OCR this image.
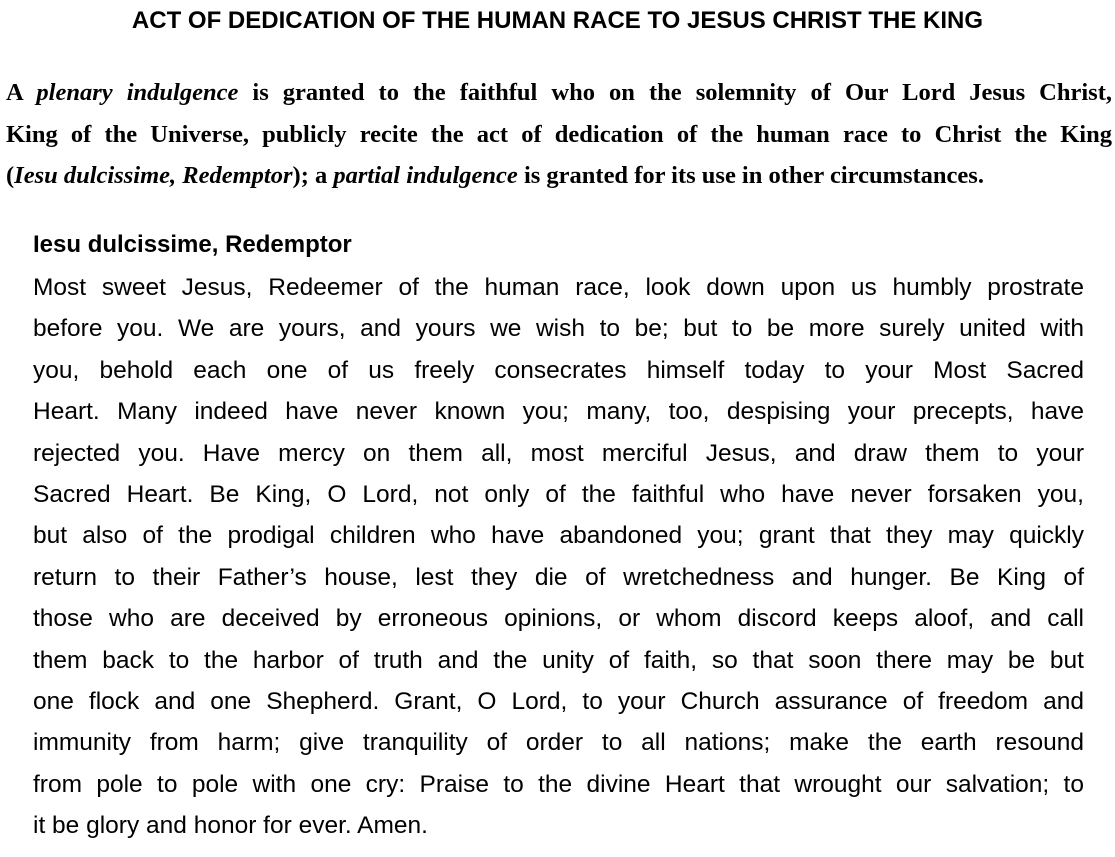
ACT OF DEDICATION OF THE HUMAN RACE TO JESUS CHRIST THE KING
A plenary indulgence is granted to the faithful who on the solemnity of Our Lord Jesus Christ,
King of the Universe, publicly recite the act of dedication of the human race to Christ the King
(Iesu dulcissime, Redemptor); a partial indulgence is granted for its use in other circumstances.
Iesu dulcissime, Redemptor
Most sweet Jesus, Redeemer of the human race, look down upon us humbly prostrate
before you. We are yours, and yours we wish to be; but to be more surely united with
you, behold each one of us freely consecrates himself today to your Most Sacred
Heart. Many indeed have never known you; many, too, despising your precepts, have
rejected you. Have mercy on them all, most merciful Jesus, and draw them to your
Sacred Heart. Be King, O Lord, not only of the faithful who have never forsaken you,
but also of the prodigal children who have abandoned you; grant that they may quickly
return to their Father’s house, lest they die of wretchedness and hunger. Be King of
those who are deceived by erroneous opinions, or whom discord keeps aloof, and call
them back to the harbor of truth and the unity of faith, so that soon there may be but
one flock and one Shepherd. Grant, O Lord, to your Church assurance of freedom and
immunity from harm; give tranquility of order to all nations; make the earth resound
from pole to pole with one cry: Praise to the divine Heart that wrought our salvation; to
it be glory and honor for ever. Amen.
